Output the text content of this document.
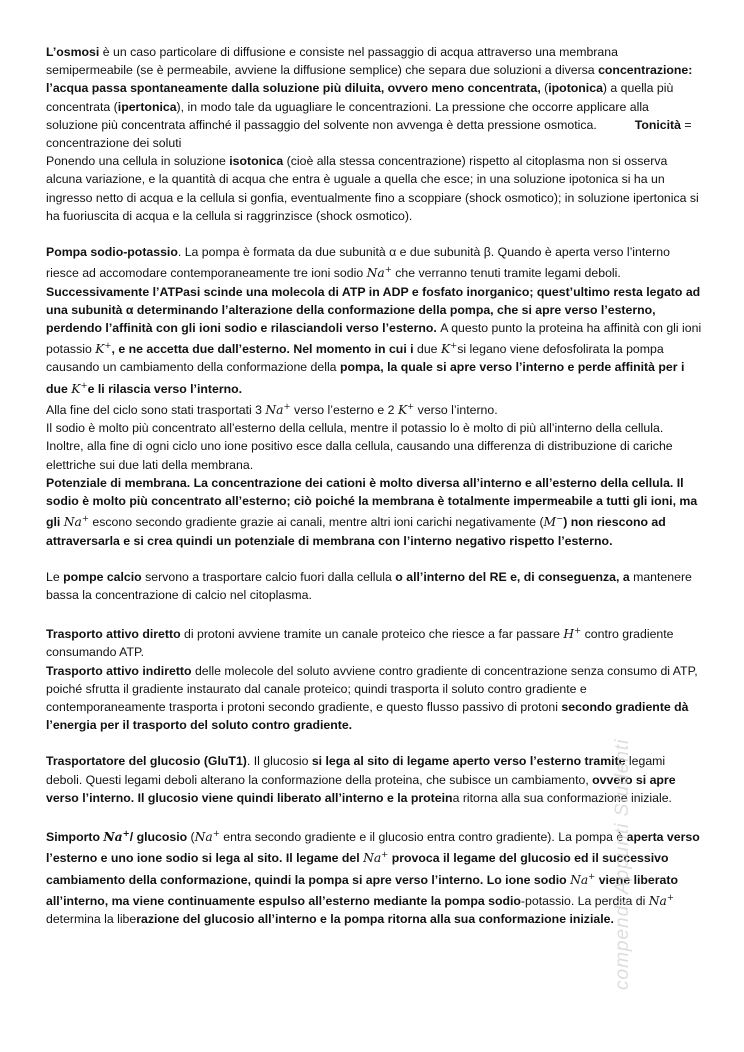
L’osmosi è un caso particolare di diffusione e consiste nel passaggio di acqua attraverso una membrana semipermeabile (se è permeabile, avviene la diffusione semplice) che separa due soluzioni a diversa concentrazione: l’acqua passa spontaneamente dalla soluzione più diluita, ovvero meno concentrata, (ipotonica) a quella più concentrata (ipertonica), in modo tale da uguagliare le concentrazioni. La pressione che occorre applicare alla soluzione più concentrata affinché il passaggio del solvente non avvenga è detta pressione osmotica.	Tonicità = concentrazione dei soluti

Ponendo una cellula in soluzione isotonica (cioè alla stessa concentrazione) rispetto al citoplasma non si osserva alcuna variazione, e la quantità di acqua che entra è uguale a quella che esce; in una soluzione ipotonica si ha un ingresso netto di acqua e la cellula si gonfia, eventualmente fino a scoppiare (shock osmotico); in soluzione ipertonica si ha fuoriuscita di acqua e la cellula si raggrinzisce (shock osmotico).

Pompa sodio-potassio. La pompa è formata da due subunità α e due subunità β. Quando è aperta verso l’interno riesce ad accomodare contemporaneamente tre ioni sodio Na+ che verranno tenuti tramite legami deboli. Successivamente l’ATPasi scinde una molecola di ATP in ADP e fosfato inorganico; quest’ultimo resta legato ad una subunità α determinando l’alterazione della conformazione della pompa, che si apre verso l’esterno, perdendo l’affinità con gli ioni sodio e rilasciandoli verso l’esterno. A questo punto la proteina ha affinità con gli ioni potassio K+, e ne accetta due dall’esterno. Nel momento in cui i due K+si legano viene defosfolirata la pompa causando un cambiamento della conformazione della pompa, la quale si apre verso l’interno e perde affinità per i due K+e li rilascia verso l’interno.

Alla fine del ciclo sono stati trasportati 3 Na+ verso l’esterno e 2 K+ verso l’interno.

Il sodio è molto più concentrato all’esterno della cellula, mentre il potassio lo è molto di più all’interno della cellula.

Inoltre, alla fine di ogni ciclo uno ione positivo esce dalla cellula, causando una differenza di distribuzione di cariche elettriche sui due lati della membrana.

Potenziale di membrana. La concentrazione dei cationi è molto diversa all’interno e all’esterno della cellula. Il sodio è molto più concentrato all’esterno; ciò poiché la membrana è totalmente impermeabile a tutti gli ioni, ma gli Na+ escono secondo gradiente grazie ai canali, mentre altri ioni carichi negativamente (M−) non riescono ad attraversarla e si crea quindi un potenziale di membrana con l’interno negativo rispetto l’esterno.

Le pompe calcio servono a trasportare calcio fuori dalla cellula o all’interno del RE e, di conseguenza, a mantenere bassa la concentrazione di calcio nel citoplasma.

Trasporto attivo diretto di protoni avviene tramite un canale proteico che riesce a far passare H+ contro gradiente consumando ATP.

Trasporto attivo indiretto delle molecole del soluto avviene contro gradiente di concentrazione senza consumo di ATP, poiché sfrutta il gradiente instaurato dal canale proteico; quindi trasporta il soluto contro gradiente e contemporaneamente trasporta i protoni secondo gradiente, e questo flusso passivo di protoni secondo gradiente dà l’energia per il trasporto del soluto contro gradiente.

Trasportatore del glucosio (GluT1). Il glucosio si lega al sito di legame aperto verso l’esterno tramite legami deboli. Questi legami deboli alterano la conformazione della proteina, che subisce un cambiamento, ovvero si apre verso l’interno. Il glucosio viene quindi liberato all’interno e la proteina ritorna alla sua conformazione iniziale.

Simporto Na+/ glucosio (Na+ entra secondo gradiente e il glucosio entra contro gradiente). La pompa è aperta verso l’esterno e uno ione sodio si lega al sito. Il legame del Na+ provoca il legame del glucosio ed il successivo cambiamento della conformazione, quindi la pompa si apre verso l’interno. Lo ione sodio Na+ viene liberato all’interno, ma viene continuamente espulso all’esterno mediante la pompa sodio-potassio. La perdita di Na+ determina la liberazione del glucosio all’interno e la pompa ritorna alla sua conformazione iniziale.

compendi Appunti Studenti
